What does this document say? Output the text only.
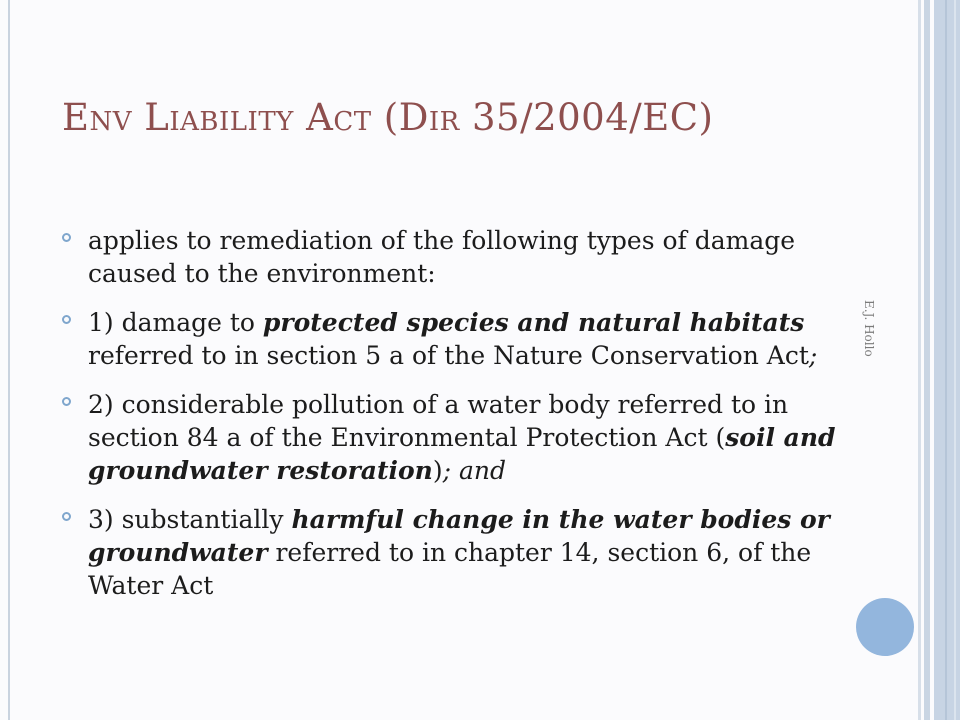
Env Liability Act (Dir 35/2004/EC)
applies to remediation of the following types of damage caused to the environment:
1) damage to protected species and natural habitats referred to in section 5 a of the Nature Conservation Act;
2) considerable pollution of a water body referred to in section 84 a of the Environmental Protection Act (soil and groundwater restoration); and
3) substantially harmful change in the water bodies or groundwater referred to in chapter 14, section 6, of the Water Act
E.J. Hollo
